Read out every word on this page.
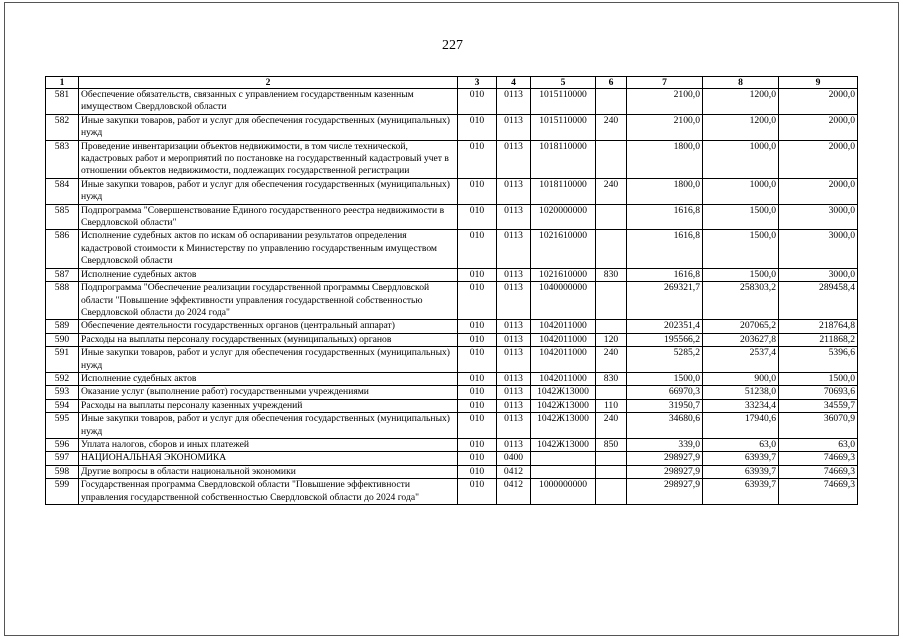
227
1	2	3	4	5	6	7	8	9
581	Обеспечение обязательств, связанных с управлением государственным казенным имуществом Свердловской области	010	0113	1015110000		2100,0	1200,0	2000,0
582	Иные закупки товаров, работ и услуг для обеспечения государственных (муниципальных) нужд	010	0113	1015110000	240	2100,0	1200,0	2000,0
583	Проведение инвентаризации объектов недвижимости, в том числе технической, кадастровых работ и мероприятий по постановке на государственный кадастровый учет в отношении объектов недвижимости, подлежащих государственной регистрации	010	0113	1018110000		1800,0	1000,0	2000,0
584	Иные закупки товаров, работ и услуг для обеспечения государственных (муниципальных) нужд	010	0113	1018110000	240	1800,0	1000,0	2000,0
585	Подпрограмма "Совершенствование Единого государственного реестра недвижимости в Свердловской области"	010	0113	1020000000		1616,8	1500,0	3000,0
586	Исполнение судебных актов по искам об оспаривании результатов определения кадастровой стоимости к Министерству по управлению государственным имуществом Свердловской области	010	0113	1021610000		1616,8	1500,0	3000,0
587	Исполнение судебных актов	010	0113	1021610000	830	1616,8	1500,0	3000,0
588	Подпрограмма "Обеспечение реализации государственной программы Свердловской области "Повышение эффективности управления государственной собственностью Свердловской области до 2024 года"	010	0113	1040000000		269321,7	258303,2	289458,4
589	Обеспечение деятельности государственных органов (центральный аппарат)	010	0113	1042011000		202351,4	207065,2	218764,8
590	Расходы на выплаты персоналу государственных (муниципальных) органов	010	0113	1042011000	120	195566,2	203627,8	211868,2
591	Иные закупки товаров, работ и услуг для обеспечения государственных (муниципальных) нужд	010	0113	1042011000	240	5285,2	2537,4	5396,6
592	Исполнение судебных актов	010	0113	1042011000	830	1500,0	900,0	1500,0
593	Оказание услуг (выполнение работ) государственными учреждениями	010	0113	1042Ж13000		66970,3	51238,0	70693,6
594	Расходы на выплаты персоналу казенных учреждений	010	0113	1042Ж13000	110	31950,7	33234,4	34559,7
595	Иные закупки товаров, работ и услуг для обеспечения государственных (муниципальных) нужд	010	0113	1042Ж13000	240	34680,6	17940,6	36070,9
596	Уплата налогов, сборов и иных платежей	010	0113	1042Ж13000	850	339,0	63,0	63,0
597	НАЦИОНАЛЬНАЯ ЭКОНОМИКА	010	0400			298927,9	63939,7	74669,3
598	Другие вопросы в области национальной экономики	010	0412			298927,9	63939,7	74669,3
599	Государственная программа Свердловской области "Повышение эффективности управления государственной собственностью Свердловской области до 2024 года"	010	0412	1000000000		298927,9	63939,7	74669,3
